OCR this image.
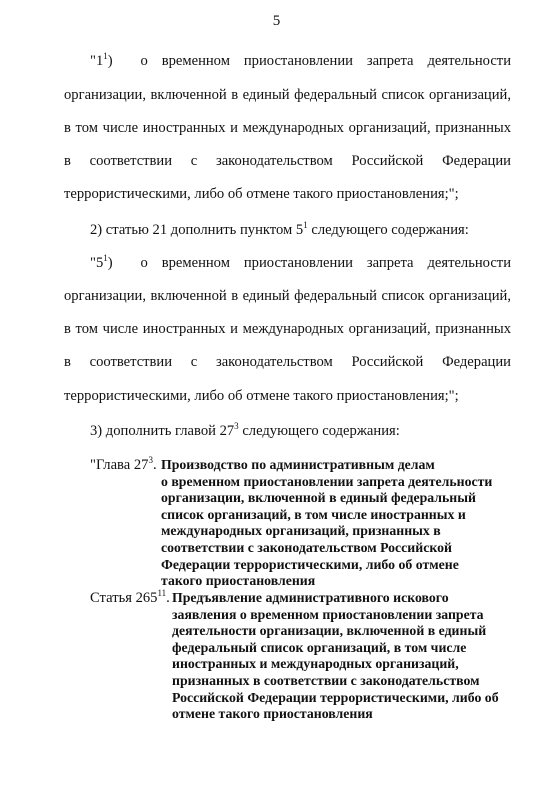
5
"$1^1$)  о временном приостановлении запрета деятельности
организации, включенной в единый федеральный список организаций,
в том числе иностранных и международных организаций, признанных
в соответствии с законодательством Российской Федерации
террористическими, либо об отмене такого приостановления;";
2) статью 21 дополнить пунктом $5^1$ следующего содержания:
"$5^1$)  о временном приостановлении запрета деятельности
организации, включенной в единый федеральный список организаций,
в том числе иностранных и международных организаций, признанных
в соответствии с законодательством Российской Федерации
террористическими, либо об отмене такого приостановления;";
3) дополнить главой $27^3$ следующего содержания:
"Глава $27^3$. Производство по административным делам
о временном приостановлении запрета деятельности
организации, включенной в единый федеральный
список организаций, в том числе иностранных и
международных организаций, признанных в
соответствии с законодательством Российской
Федерации террористическими, либо об отмене
такого приостановления
Статья $265^{11}$. Предъявление административного искового
заявления о временном приостановлении запрета
деятельности организации, включенной в единый
федеральный список организаций, в том числе
иностранных и международных организаций,
признанных в соответствии с законодательством
Российской Федерации террористическими, либо об
отмене такого приостановления
